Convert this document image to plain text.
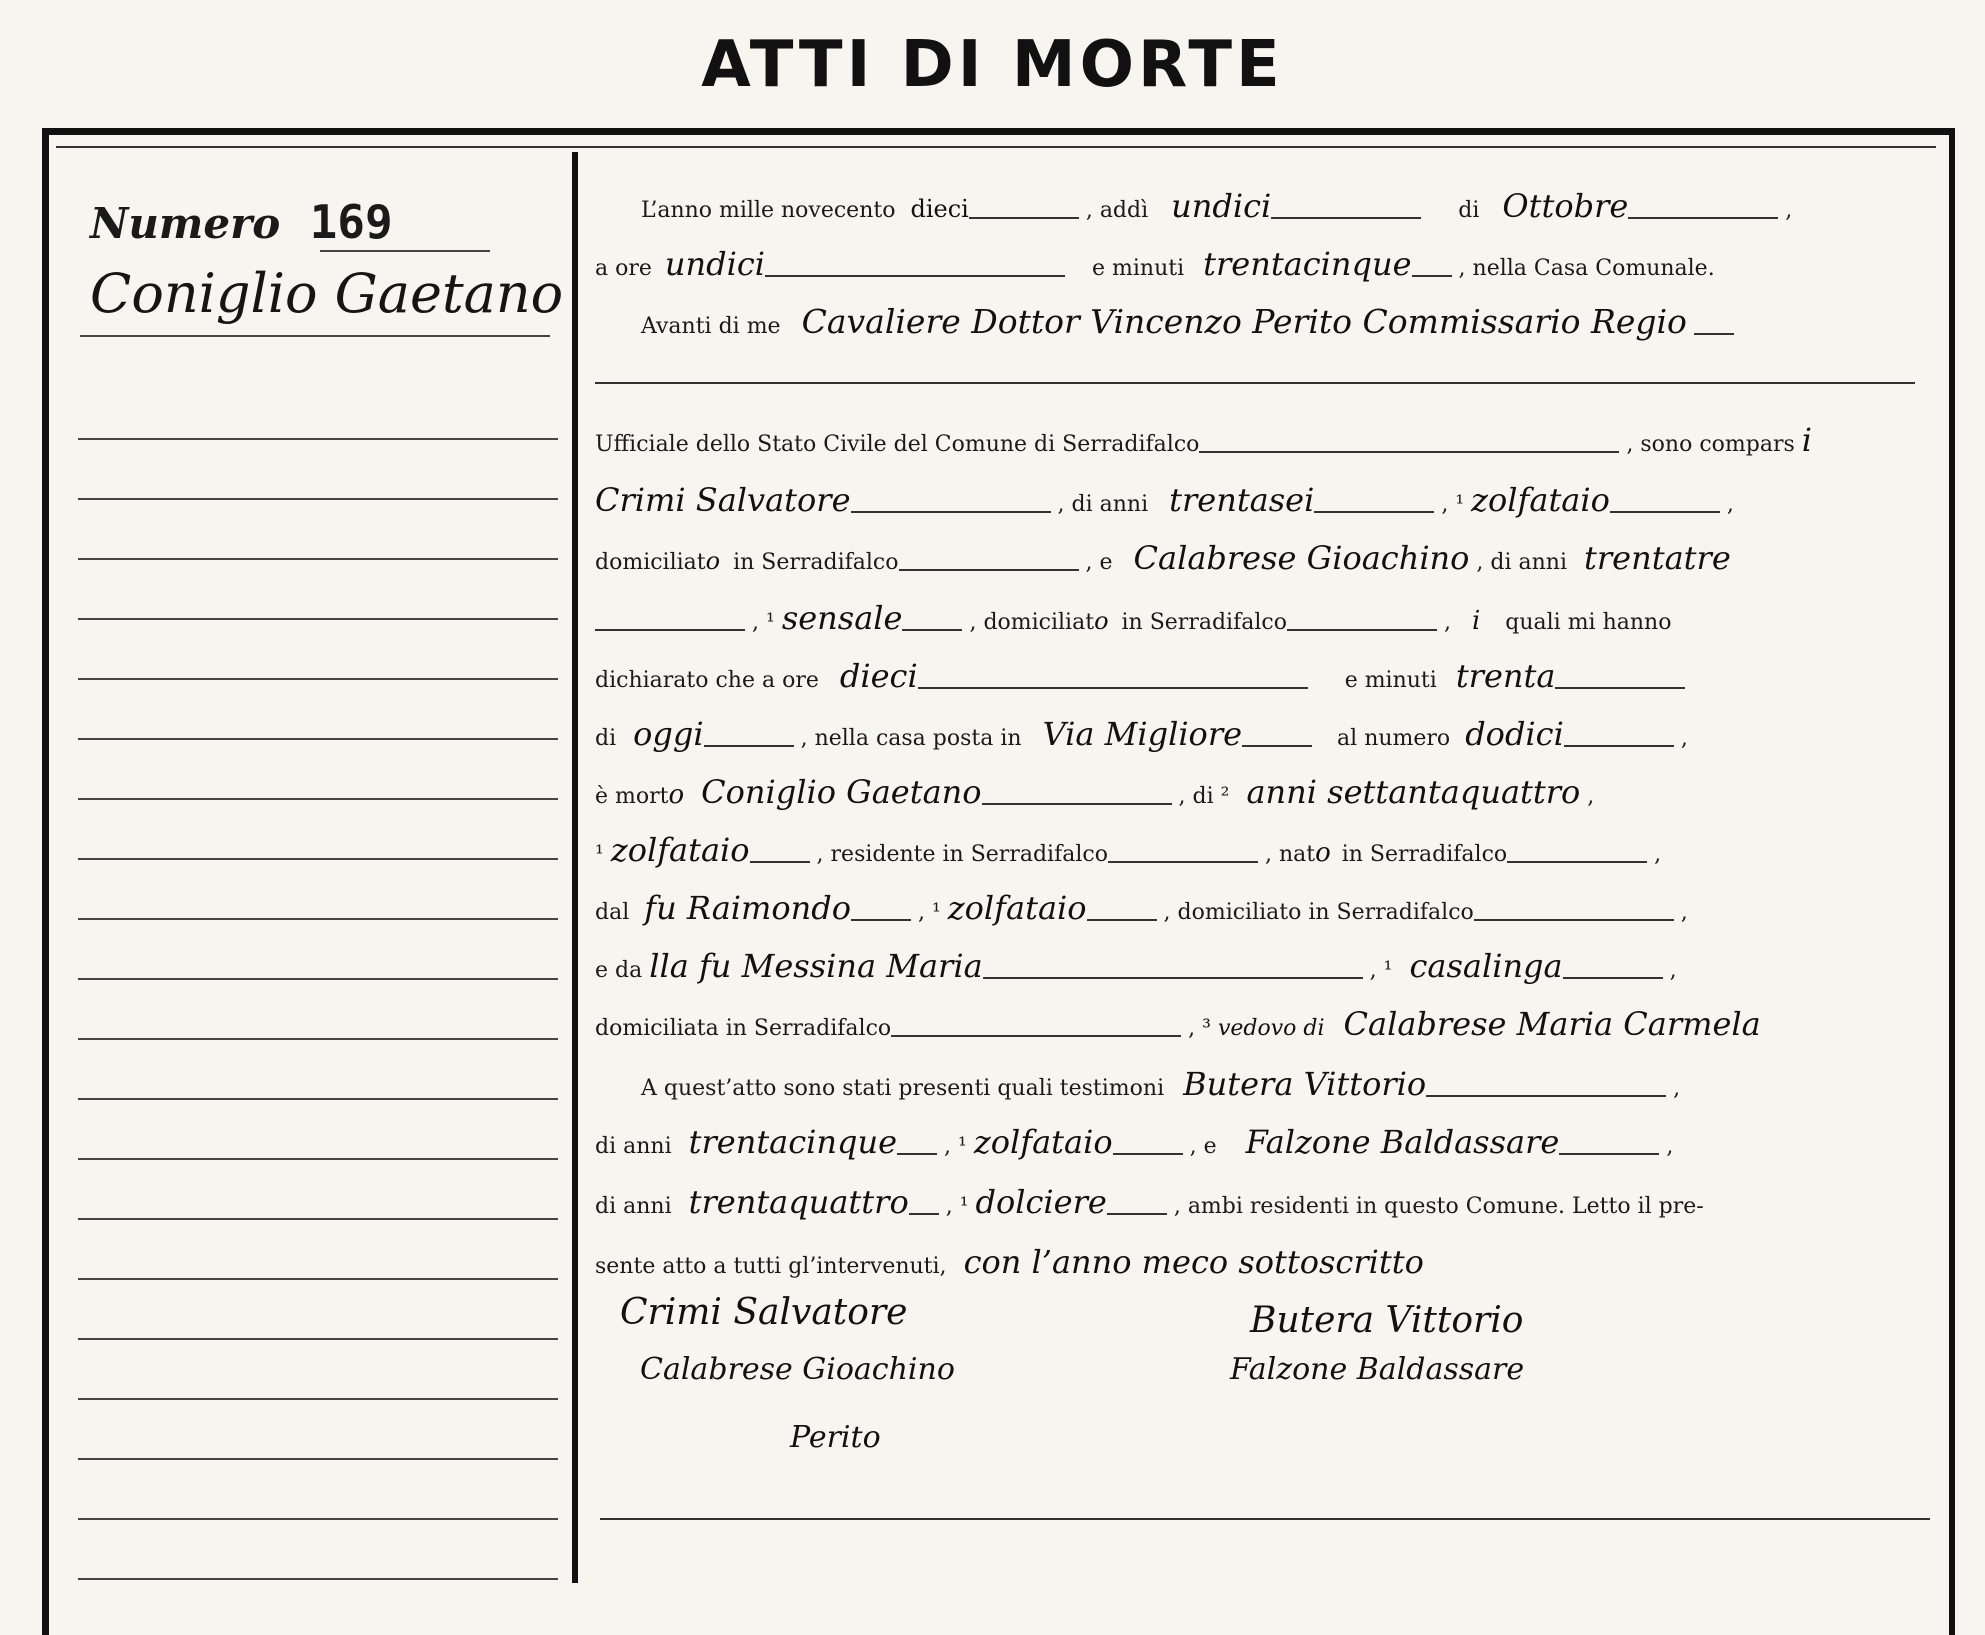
ATTI DI MORTE
Numero 169
Coniglio Gaetano
L’anno mille novecento dieci	, addì undici	di Ottobre	,
a ore undici	e minuti trentacinque , nella Casa Comunale.
Avanti di me Cavaliere Dottor Vincenzo Perito Commissario Regio
Ufficiale dello Stato Civile del Comune di Serradifalco	, sono compars i
Crimi Salvatore	, di anni trentasei	, ¹ zolfataio	,
domiciliato in Serradifalco	, e Calabrese Gioachino , di anni trentatre
, ¹ sensale	, domiciliato in Serradifalco	, i quali mi hanno
dichiarato che a ore dieci	e minuti trenta
di oggi	, nella casa posta in Via Migliore	al numero dodici	,
è morto Coniglio Gaetano	, di ² anni settantaquattro ,
¹ zolfataio	, residente in Serradifalco	, nato in Serradifalco	,
dal fu Raimondo	, ¹ zolfataio	, domiciliato in Serradifalco	,
e da lla fu Messina Maria	, ¹ casalinga	,
domiciliata in Serradifalco	, ³ vedovo di Calabrese Maria Carmela
A quest’atto sono stati presenti quali testimoni Butera Vittorio	,
di anni trentacinque , ¹ zolfataio	, e Falzone Baldassare	,
di anni trentaquattro , ¹ dolciere	, ambi residenti in questo Comune. Letto il pre-
sente atto a tutti gl’intervenuti, con l’anno meco sottoscritto
Crimi Salvatore	Butera Vittorio
Calabrese Gioachino	Falzone Baldassare
Perito
